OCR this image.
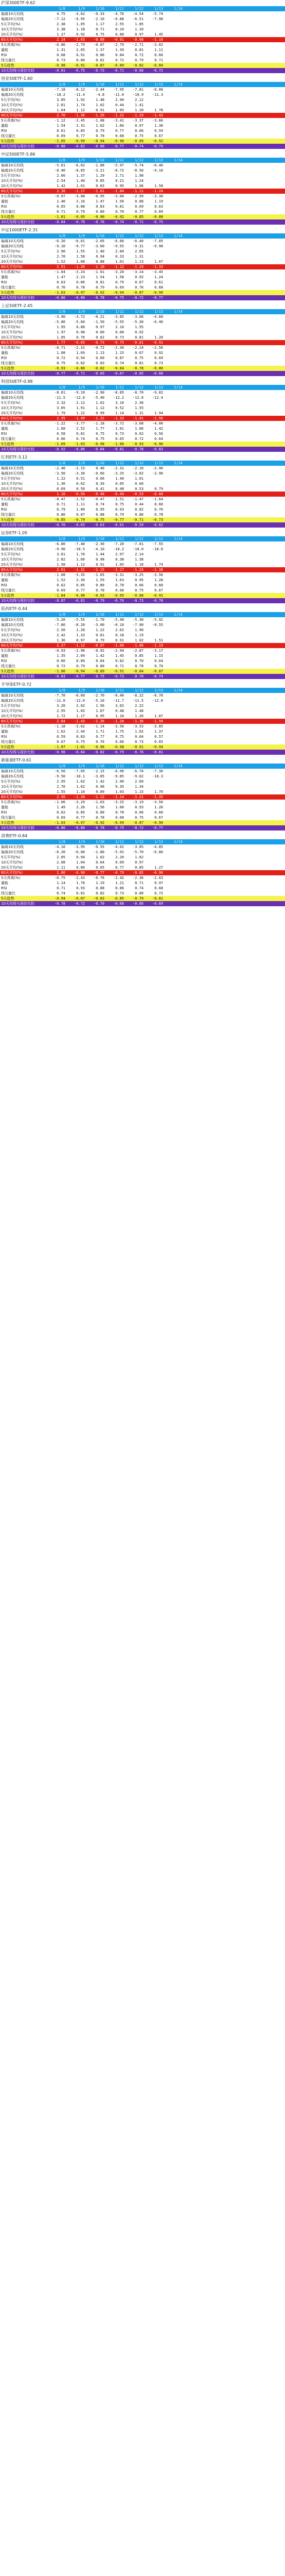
沪深300ETF-9.62
1/8	1/9	1/10	1/11	1/12	1/13	1/14
偏离10天均线	4.75	-4.62	-0.33	-4.76	-4.54	-5.74
偏离20天均线	-7.12	-6.95	-2.10	-6.88	-6.51	-7.90
5天平均(%)	2.38	1.05	1.17	2.55	1.85
10天平均(%)	2.38	1.18	0.71	0.10	1.10
20天平均(%)	1.27	0.92	0.75	0.88	0.97	1.45
60天平均(%)	2.14	-1.03	-0.88	-0.91	-0.98	-1.10
5天乖离(%)	-0.86	-2.79	-0.87	-2.79	-2.71	-3.02
量能	1.31	2.05	1.37	1.39	0.81	1.11
RSI	0.68	0.91	0.86	0.84	0.72	0.66
线交量比	0.73	0.80	0.81	0.72	0.79	0.71
5天趋势	-0.98	-0.91	-0.87	-0.89	-0.82	-0.84
10天均线与现价比较	-0.81	-0.75	-0.73	-0.71	-0.68	-0.72
创业50ETF-1.60
1/8	1/9	1/10	1/11	1/12	1/13	1/14
偏离10天均线	-7.18	-8.12	-2.44	-7.95	-7.81	-8.06
偏离20天均线	-10.2	-11.4	-4.8	-11.0	-10.9	-11.3
5天平均(%)	3.05	1.92	1.48	2.90	2.12
10天平均(%)	2.81	1.74	1.02	0.44	1.41
20天平均(%)	1.64	1.12	0.91	1.05	1.20	1.78
60天平均(%)	2.70	-1.36	-1.20	-1.22	-1.29	-1.43
5天乖离(%)	-1.12	-3.45	-1.08	-3.41	-3.37	-3.66
量能	1.54	2.31	1.62	1.66	0.97	1.30
RSI	0.61	0.85	0.79	0.77	0.66	0.59
线交量比	0.69	0.77	0.78	0.68	0.75	0.67
5天趋势	-1.05	-0.99	-0.94	-0.96	-0.89	-0.92
10天均线与现价比较	-0.88	-0.82	-0.80	-0.77	-0.74	-0.79
中证500ETF-5.86
1/8	1/9	1/10	1/11	1/12	1/13	1/14
偏离10天均线	-5.61	-6.02	-1.88	-5.97	-5.74	-6.40
偏离20天均线	-8.40	-8.85	-3.21	-8.72	-8.50	-9.10
5天平均(%)	2.66	1.37	1.29	2.71	1.98
10天平均(%)	2.54	1.40	0.85	0.21	1.24
20天平均(%)	1.42	1.01	0.83	0.95	1.06	1.58
60天平均(%)	2.38	-1.17	-1.01	-1.04	-1.11	-1.24
5天乖离(%)	-0.97	-3.08	-0.95	-3.06	-2.99	-3.30
量能	1.40	2.16	1.47	1.50	0.88	1.19
RSI	0.65	0.88	0.83	0.81	0.69	0.63
线交量比	0.71	0.79	0.80	0.70	0.77	0.69
5天趋势	-1.01	-0.95	-0.90	-0.92	-0.85	-0.88
10天均线与现价比较	-0.84	-0.78	-0.76	-0.74	-0.71	-0.75
中证1000ETF-2.31
1/8	1/9	1/10	1/11	1/12	1/13	1/14
偏离10天均线	-6.20	-6.81	-2.05	-6.66	-6.40	-7.05
偏离20天均线	-9.10	-9.77	-3.60	-9.55	-9.31	-9.98
5天平均(%)	2.90	1.55	1.40	2.84	2.05
10天平均(%)	2.70	1.58	0.94	0.33	1.31
20天平均(%)	1.52	1.08	0.88	1.01	1.13	1.67
60天平均(%)	2.51	-1.26	-1.10	-1.12	-1.19	-1.33
5天乖离(%)	-1.04	-3.24	-1.01	-3.20	-3.14	-3.45
量能	1.47	2.23	1.54	1.58	0.92	1.24
RSI	0.63	0.86	0.81	0.79	0.67	0.61
线交量比	0.70	0.78	0.79	0.69	0.76	0.68
5天趋势	-1.03	-0.97	-0.92	-0.94	-0.87	-0.90
10天均线与现价比较	-0.86	-0.80	-0.78	-0.75	-0.72	-0.77
上证50ETF-2.45
1/8	1/9	1/10	1/11	1/12	1/13	1/14
偏离10天均线	-3.90	-3.72	-0.21	-3.85	-3.66	-4.60
偏离20天均线	-5.80	-5.60	-1.50	-5.55	-5.30	-6.40
5天平均(%)	1.95	0.88	0.97	2.10	1.55
10天平均(%)	1.97	0.98	0.60	0.08	0.92
20天平均(%)	1.05	0.76	0.62	0.73	0.81	1.20
60天平均(%)	1.77	-0.85	-0.73	-0.75	-0.81	-0.91
5天乖离(%)	-0.71	-2.31	-0.72	-2.30	-2.24	-2.50
量能	1.08	1.69	1.13	1.15	0.67	0.92
RSI	0.72	0.94	0.89	0.87	0.75	0.69
线交量比	0.75	0.82	0.83	0.74	0.81	0.73
5天趋势	-0.93	-0.86	-0.82	-0.84	-0.78	-0.80
10天均线与现价比较	-0.77	-0.71	-0.69	-0.67	-0.65	-0.68
科创50ETF-0.98
1/8	1/9	1/10	1/11	1/12	1/13	1/14
偏离10天均线	-8.01	-9.10	-2.90	-8.85	-8.70	-9.02
偏离20天均线	-11.5	-12.6	-5.40	-12.2	-12.0	-12.4
5天平均(%)	3.32	2.12	1.62	3.10	2.30
10天平均(%)	3.05	1.91	1.12	0.52	1.55
20天平均(%)	1.79	1.22	0.99	1.14	1.31	1.94
60天平均(%)	2.95	-1.49	-1.31	-1.33	-1.41	-1.56
5天乖离(%)	-1.22	-3.77	-1.18	-3.72	-3.68	-4.00
量能	1.68	2.52	1.77	1.81	1.06	1.42
RSI	0.58	0.81	0.75	0.73	0.62	0.56
线交量比	0.66	0.74	0.75	0.65	0.72	0.64
5天趋势	-1.09	-1.03	-0.98	-1.00	-0.93	-0.96
10天均线与现价比较	-0.92	-0.86	-0.84	-0.81	-0.78	-0.83
红利ETF-3.12
1/8	1/9	1/10	1/11	1/12	1/13	1/14
偏离10天均线	-2.40	-2.15	0.40	-2.31	-2.10	-2.90
偏离20天均线	-3.50	-3.30	-0.60	-3.25	-3.02	-3.90
5天平均(%)	1.22	0.51	0.66	1.40	1.01
10天平均(%)	1.30	0.62	0.39	0.05	0.60
20天平均(%)	0.69	0.50	0.41	0.48	0.53	0.79
60天平均(%)	1.16	-0.56	-0.48	-0.49	-0.53	-0.60
5天乖离(%)	-0.47	-1.52	-0.47	-1.51	-1.47	-1.64
量能	0.71	1.11	0.74	0.75	0.44	0.60
RSI	0.79	1.00	0.95	0.93	0.82	0.76
线交量比	0.80	0.87	0.88	0.79	0.86	0.78
5天趋势	-0.85	-0.79	-0.75	-0.77	-0.71	-0.73
10天均线与现价比较	-0.70	-0.65	-0.63	-0.61	-0.59	-0.62
证券ETF-1.05
1/8	1/9	1/10	1/11	1/12	1/13	1/14
偏离10天均线	-6.80	-7.40	-2.30	-7.20	-7.01	-7.55
偏离20天均线	-9.90	-10.5	-4.10	-10.2	-10.0	-10.6
5天平均(%)	3.01	1.70	1.44	2.97	2.14
10天平均(%)	2.82	1.66	0.98	0.38	1.38
20天平均(%)	1.58	1.12	0.91	1.05	1.18	1.74
60天平均(%)	2.61	-1.31	-1.15	-1.17	-1.24	-1.38
5天乖离(%)	-1.08	-3.35	-1.05	-3.31	-3.25	-3.56
量能	1.52	2.30	1.59	1.63	0.95	1.28
RSI	0.62	0.85	0.80	0.78	0.66	0.60
线交量比	0.69	0.77	0.78	0.68	0.75	0.67
5天趋势	-1.04	-0.98	-0.93	-0.95	-0.88	-0.91
10天均线与现价比较	-0.87	-0.81	-0.79	-0.76	-0.73	-0.78
医药ETF-0.44
1/8	1/9	1/10	1/11	1/12	1/13	1/14
偏离10天均线	-5.20	-5.55	-1.70	-5.48	-5.30	-5.92
偏离20天均线	-7.80	-8.20	-3.00	-8.10	-7.90	-8.55
5天平均(%)	2.50	1.28	1.22	2.62	1.90
10天平均(%)	2.42	1.33	0.81	0.18	1.19
20天平均(%)	1.36	0.97	0.79	0.91	1.02	1.51
60天平均(%)	2.27	-1.12	-0.97	-1.00	-1.06	-1.19
5天乖离(%)	-0.93	-2.96	-0.92	-2.94	-2.87	-3.17
量能	1.35	2.09	1.42	1.45	0.85	1.15
RSI	0.66	0.89	0.84	0.82	0.70	0.64
线交量比	0.72	0.79	0.80	0.71	0.78	0.70
5天趋势	-1.00	-0.94	-0.89	-0.91	-0.84	-0.87
10天均线与现价比较	-0.83	-0.77	-0.75	-0.73	-0.70	-0.74
半导体ETF-0.72
1/8	1/9	1/10	1/11	1/12	1/13	1/14
偏离10天均线	-7.70	-8.60	-2.70	-8.40	-8.22	-8.70
偏离20天均线	-11.0	-12.0	-5.10	-11.7	-11.5	-12.0
5天平均(%)	3.20	2.02	1.56	3.02	2.22
10天平均(%)	2.95	1.83	1.07	0.48	1.48
20天平均(%)	1.72	1.17	0.95	1.10	1.26	1.87
60天平均(%)	2.84	-1.43	-1.26	-1.28	-1.36	-1.50
5天乖离(%)	-1.18	-3.62	-1.14	-3.58	-3.53	-3.85
量能	1.62	2.44	1.71	1.75	1.02	1.37
RSI	0.59	0.83	0.77	0.75	0.64	0.57
线交量比	0.67	0.75	0.76	0.66	0.73	0.65
5天趋势	-1.07	-1.01	-0.96	-0.98	-0.91	-0.94
10天均线与现价比较	-0.90	-0.84	-0.82	-0.79	-0.76	-0.81
新能源ETF-0.61
1/8	1/9	1/10	1/11	1/12	1/13	1/14
偏离10天均线	-6.50	-7.05	-2.15	-6.90	-6.70	-7.30
偏离20天均线	-9.50	-10.1	-3.85	-9.85	-9.62	-10.3
5天平均(%)	2.95	1.62	1.42	2.90	2.09
10天平均(%)	2.76	1.62	0.96	0.35	1.34
20天平均(%)	1.55	1.10	0.89	1.03	1.15	1.70
60天平均(%)	2.56	-1.28	-1.12	-1.14	-1.21	-1.35
5天乖离(%)	-1.06	-3.29	-1.03	-3.25	-3.19	-3.50
量能	1.49	2.26	1.56	1.60	0.93	1.26
RSI	0.62	0.85	0.80	0.78	0.66	0.60
线交量比	0.69	0.77	0.78	0.68	0.75	0.67
5天趋势	-1.03	-0.97	-0.92	-0.94	-0.87	-0.90
10天均线与现价比较	-0.86	-0.80	-0.78	-0.75	-0.72	-0.77
消费ETF-0.84
1/8	1/9	1/10	1/11	1/12	1/13	1/14
偏离10天均线	-4.10	-3.95	-0.55	-4.02	-3.85	-4.85
偏离20天均线	-6.20	-6.00	-1.80	-5.92	-5.70	-6.80
5天平均(%)	2.05	0.94	1.02	2.20	1.62
10天平均(%)	2.08	1.04	0.64	0.09	0.97
20天平均(%)	1.11	0.80	0.65	0.77	0.85	1.27
60天平均(%)	1.86	-0.90	-0.77	-0.79	-0.85	-0.96
5天乖离(%)	-0.75	-2.43	-0.76	-2.42	-2.36	-2.63
量能	1.14	1.78	1.19	1.21	0.71	0.97
RSI	0.71	0.93	0.88	0.86	0.74	0.68
线交量比	0.74	0.81	0.82	0.73	0.80	0.72
5天趋势	-0.94	-0.87	-0.83	-0.85	-0.79	-0.81
10天均线与现价比较	-0.78	-0.72	-0.70	-0.68	-0.66	-0.69
